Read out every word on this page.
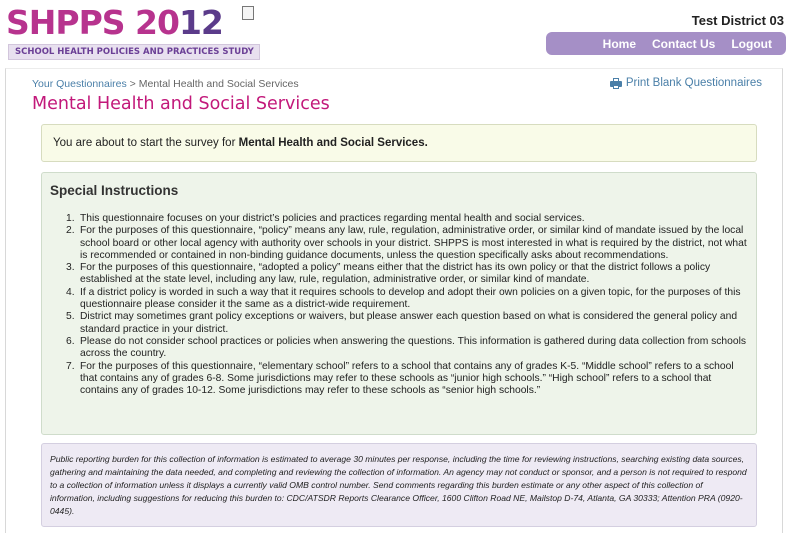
SHPPS 2012
SCHOOL HEALTH POLICIES AND PRACTICES STUDY
Test District 03
Home Contact Us Logout
Your Questionnaires > Mental Health and Social Services	Print Blank Questionnaires
Mental Health and Social Services
You are about to start the survey for Mental Health and Social Services.
Special Instructions
1. This questionnaire focuses on your district’s policies and practices regarding mental health and social services.
2. For the purposes of this questionnaire, “policy” means any law, rule, regulation, administrative order, or similar kind of mandate issued by the local school board or other local agency with authority over schools in your district. SHPPS is most interested in what is required by the district, not what is recommended or contained in non-binding guidance documents, unless the question specifically asks about recommendations.
3. For the purposes of this questionnaire, “adopted a policy” means either that the district has its own policy or that the district follows a policy established at the state level, including any law, rule, regulation, administrative order, or similar kind of mandate.
4. If a district policy is worded in such a way that it requires schools to develop and adopt their own policies on a given topic, for the purposes of this questionnaire please consider it the same as a district-wide requirement.
5. District may sometimes grant policy exceptions or waivers, but please answer each question based on what is considered the general policy and standard practice in your district.
6. Please do not consider school practices or policies when answering the questions. This information is gathered during data collection from schools across the country.
7. For the purposes of this questionnaire, “elementary school” refers to a school that contains any of grades K-5. “Middle school” refers to a school that contains any of grades 6-8. Some jurisdictions may refer to these schools as “junior high schools.” “High school” refers to a school that contains any of grades 10-12. Some jurisdictions may refer to these schools as “senior high schools.”
Public reporting burden for this collection of information is estimated to average 30 minutes per response, including the time for reviewing instructions, searching existing data sources, gathering and maintaining the data needed, and completing and reviewing the collection of information. An agency may not conduct or sponsor, and a person is not required to respond to a collection of information unless it displays a currently valid OMB control number. Send comments regarding this burden estimate or any other aspect of this collection of information, including suggestions for reducing this burden to: CDC/ATSDR Reports Clearance Officer, 1600 Clifton Road NE, Mailstop D-74, Atlanta, GA 30333; Attention PRA (0920-0445).
